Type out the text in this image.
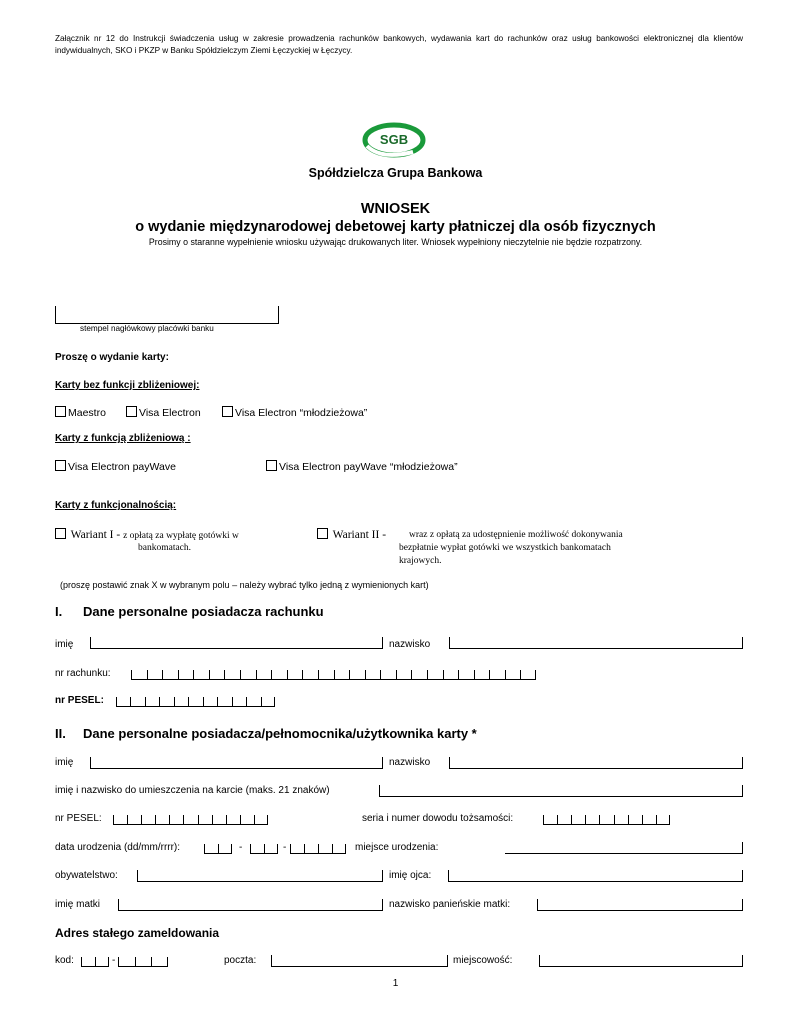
Załącznik nr 12 do Instrukcji świadczenia usług w zakresie prowadzenia rachunków bankowych, wydawania kart do rachunków oraz usług bankowości elektronicznej dla klientów indywidualnych, SKO i PKZP w Banku Spółdzielczym Ziemi Łęczyckiej w Łęczycy.
SGB
Spółdzielcza Grupa Bankowa
WNIOSEK
o wydanie międzynarodowej debetowej karty płatniczej dla osób fizycznych
Prosimy o staranne wypełnienie wniosku używając drukowanych liter. Wniosek wypełniony nieczytelnie nie będzie rozpatrzony.
stempel nagłówkowy placówki banku
Proszę o wydanie karty:
Karty bez funkcji zbliżeniowej:
Maestro	Visa Electron	Visa Electron “młodzieżowa”
Karty z funkcją zbliżeniową :
Visa Electron payWave	Visa Electron payWave “młodzieżowa”
Karty z funkcjonalnością:
Wariant I - z opłatą za wypłatę gotówki w
bankomatach.
Wariant II - wraz z opłatą za udostępnienie możliwość dokonywania
bezpłatnie wypłat gotówki we wszystkich bankomatach
krajowych.
(proszę postawić znak X w wybranym polu – należy wybrać tylko jedną z wymienionych kart)
I. Dane personalne posiadacza rachunku
imię	nazwisko
nr rachunku:
nr PESEL:
II. Dane personalne posiadacza/pełnomocnika/użytkownika karty *
imię	nazwisko
imię i nazwisko do umieszczenia na karcie (maks. 21 znaków)
nr PESEL:	seria i numer dowodu tożsamości:
data urodzenia (dd/mm/rrrr):	-	-	miejsce urodzenia:
obywatelstwo:	imię ojca:
imię matki	nazwisko panieńskie matki:
Adres stałego zameldowania
kod:	-	poczta:	miejscowość:
1
